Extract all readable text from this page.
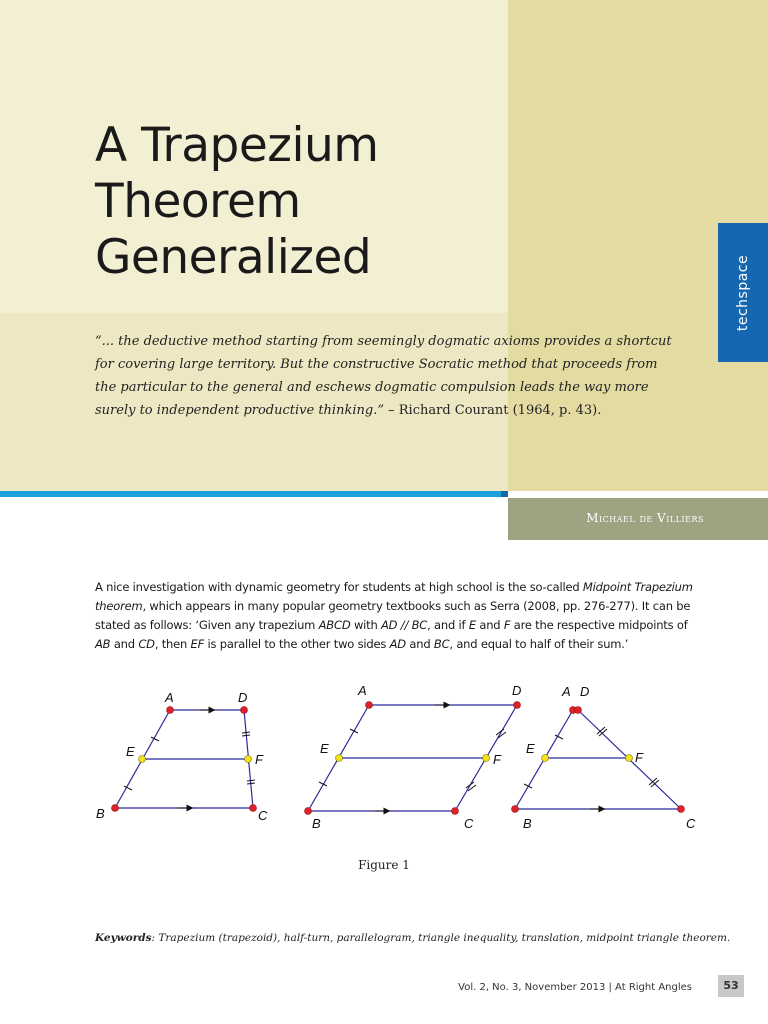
techspace
A Trapezium
Theorem
Generalized
“... the deductive method starting from seemingly dogmatic axioms provides a shortcut for covering large territory. But the constructive Socratic method that proceeds from the particular to the general and eschews dogmatic compulsion leads the way more surely to independent productive thinking.” – Richard Courant (1964, p. 43).
Michael de Villiers
A nice investigation with dynamic geometry for students at high school is the so-called Midpoint Trapezium theorem, which appears in many popular geometry textbooks such as Serra (2008, pp. 276-277). It can be stated as follows: ‘Given any trapezium ABCD with AD // BC, and if E and F are the respective midpoints of AB and CD, then EF is parallel to the other two sides AD and BC, and equal to half of their sum.’
A	D
E
F
B	C
A	D
E
F
B	C
A D
E
F
B	C
Figure 1
Keywords: Trapezium (trapezoid), half-turn, parallelogram, triangle inequality, translation, midpoint triangle theorem.
Vol. 2, No. 3, November 2013 | At Right Angles	53
